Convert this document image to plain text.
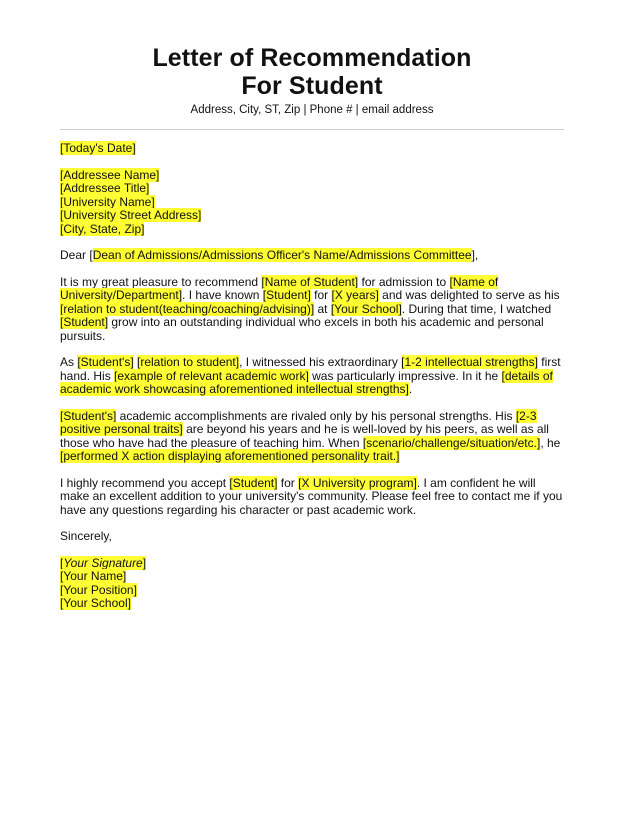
Letter of Recommendation
For Student
Address, City, ST, Zip | Phone # | email address

[Today's Date]

[Addressee Name]
[Addressee Title]
[University Name]
[University Street Address]
[City, State, Zip]

Dear [Dean of Admissions/Admissions Officer's Name/Admissions Committee],

It is my great pleasure to recommend [Name of Student] for admission to [Name of University/Department]. I have known [Student] for [X years] and was delighted to serve as his [relation to student(teaching/coaching/advising)] at [Your School]. During that time, I watched [Student] grow into an outstanding individual who excels in both his academic and personal pursuits.

As [Student's] [relation to student], I witnessed his extraordinary [1-2 intellectual strengths] first hand. His [example of relevant academic work] was particularly impressive. In it he [details of academic work showcasing aforementioned intellectual strengths].

[Student's] academic accomplishments are rivaled only by his personal strengths. His [2-3 positive personal traits] are beyond his years and he is well-loved by his peers, as well as all those who have had the pleasure of teaching him. When [scenario/challenge/situation/etc.], he [performed X action displaying aforementioned personality trait.]

I highly recommend you accept [Student] for [X University program]. I am confident he will make an excellent addition to your university's community. Please feel free to contact me if you have any questions regarding his character or past academic work.

Sincerely,

[Your Signature]
[Your Name]
[Your Position]
[Your School]
